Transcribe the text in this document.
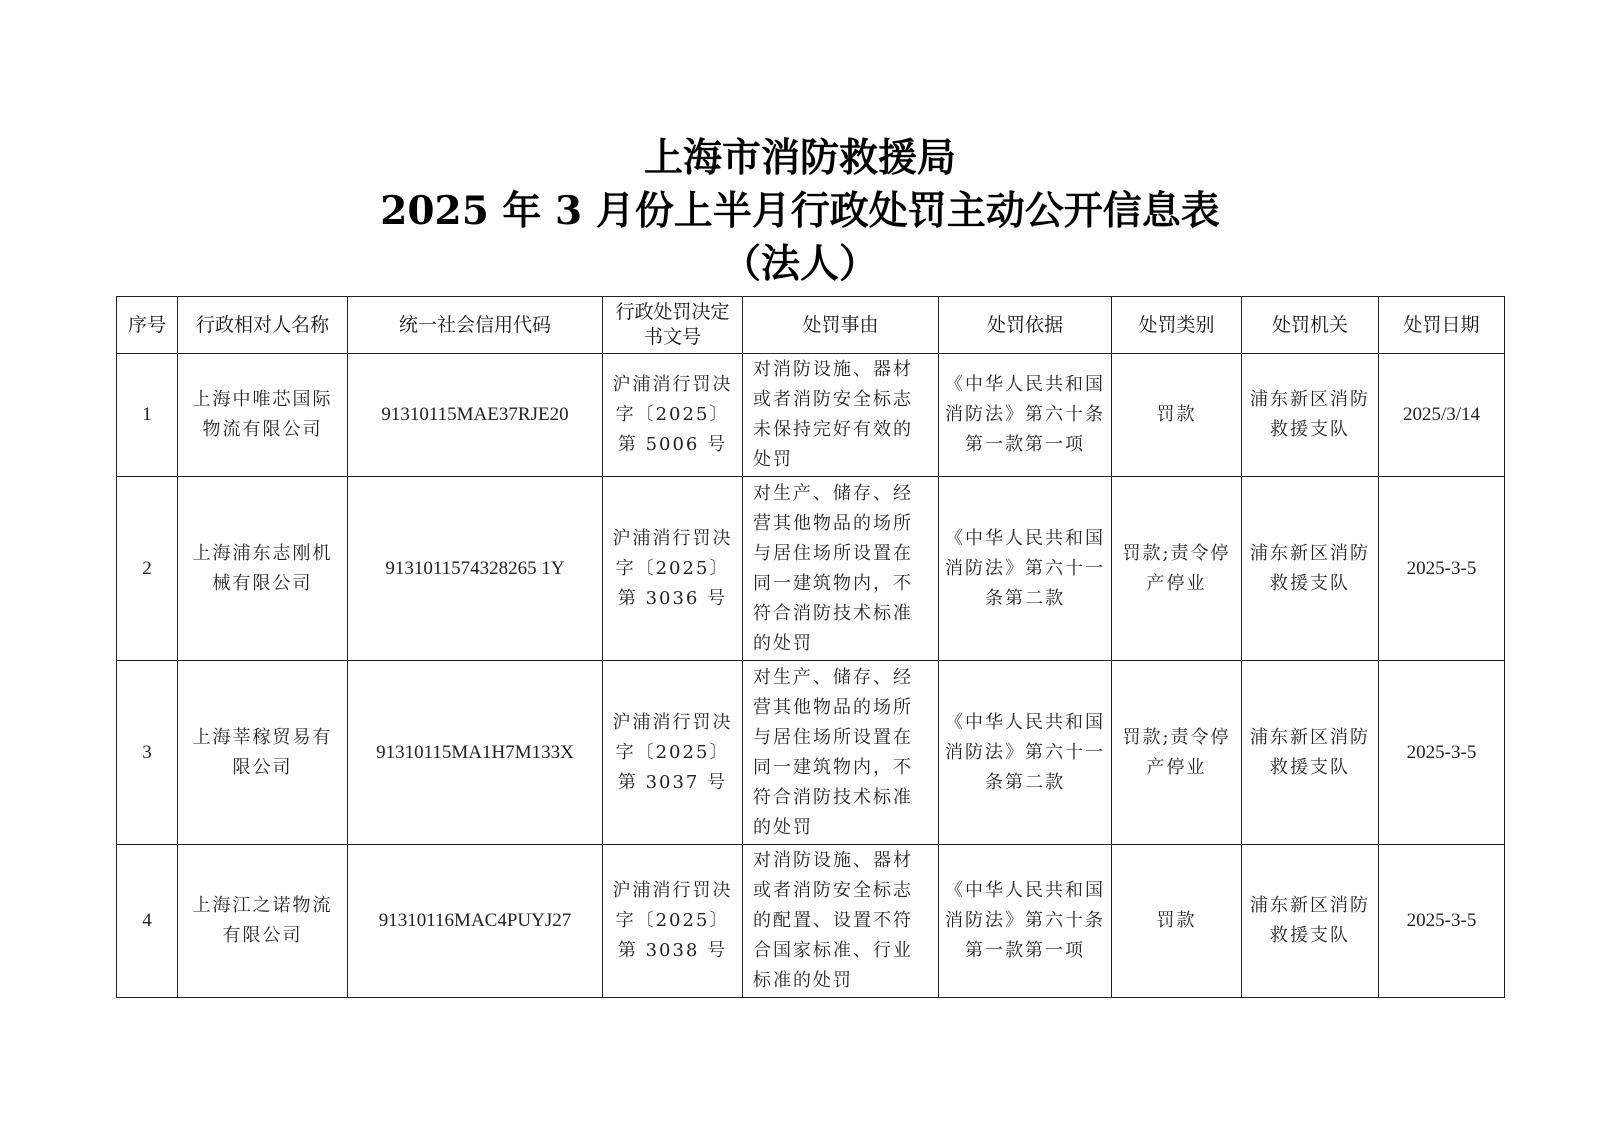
上海市消防救援局
2025 年 3 月份上半月行政处罚主动公开信息表
（法人）
序号	行政相对人名称	统一社会信用代码	行政处罚决定书文号	处罚事由	处罚依据	处罚类别	处罚机关	处罚日期
1	上海中唯芯国际物流有限公司	91310115MAE37RJE20	沪浦消行罚决字〔2025〕第 5006 号	对消防设施、器材或者消防安全标志未保持完好有效的处罚	《中华人民共和国消防法》第六十条第一款第一项	罚款	浦东新区消防救援支队	2025/3/14
2	上海浦东志刚机械有限公司	9131011574328265 1Y	沪浦消行罚决字〔2025〕第 3036 号	对生产、储存、经营其他物品的场所与居住场所设置在同一建筑物内，不符合消防技术标准的处罚	《中华人民共和国消防法》第六十一条第二款	罚款;责令停产停业	浦东新区消防救援支队	2025-3-5
3	上海莘稼贸易有限公司	91310115MA1H7M133X	沪浦消行罚决字〔2025〕第 3037 号	对生产、储存、经营其他物品的场所与居住场所设置在同一建筑物内，不符合消防技术标准的处罚	《中华人民共和国消防法》第六十一条第二款	罚款;责令停产停业	浦东新区消防救援支队	2025-3-5
4	上海江之诺物流有限公司	91310116MAC4PUYJ27	沪浦消行罚决字〔2025〕第 3038 号	对消防设施、器材或者消防安全标志的配置、设置不符合国家标准、行业标准的处罚	《中华人民共和国消防法》第六十条第一款第一项	罚款	浦东新区消防救援支队	2025-3-5
